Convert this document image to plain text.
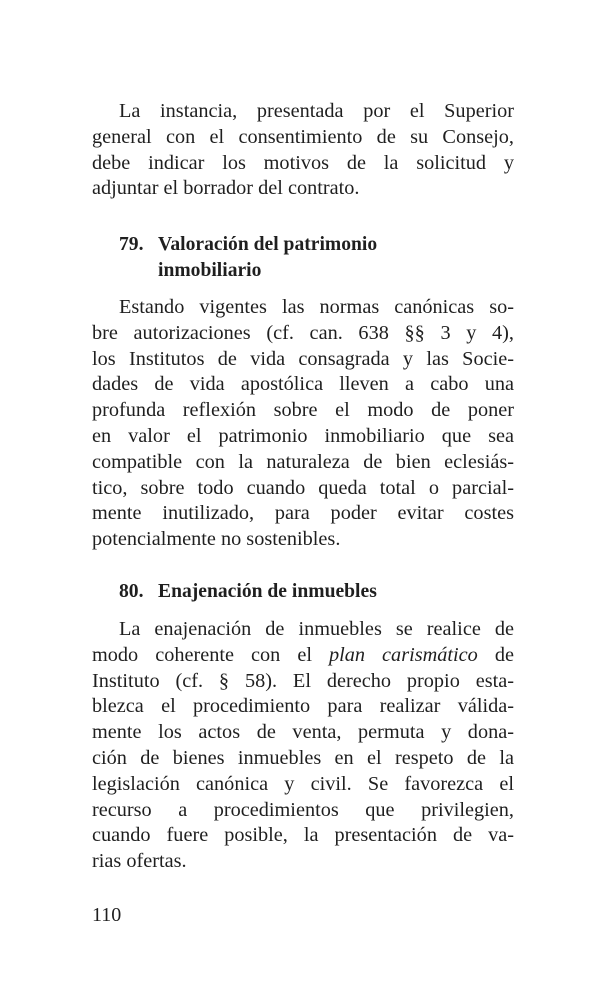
La instancia, presentada por el Superior
general con el consentimiento de su Consejo,
debe indicar los motivos de la solicitud y
adjuntar el borrador del contrato.
79. Valoración del patrimonio
inmobiliario
Estando vigentes las normas canónicas so-
bre autorizaciones (cf. can. 638 §§ 3 y 4),
los Institutos de vida consagrada y las Socie-
dades de vida apostólica lleven a cabo una
profunda reflexión sobre el modo de poner
en valor el patrimonio inmobiliario que sea
compatible con la naturaleza de bien eclesiás-
tico, sobre todo cuando queda total o parcial-
mente inutilizado, para poder evitar costes
potencialmente no sostenibles.
80. Enajenación de inmuebles
La enajenación de inmuebles se realice de
modo coherente con el plan carismático de
Instituto (cf. § 58). El derecho propio esta-
blezca el procedimiento para realizar válida-
mente los actos de venta, permuta y dona-
ción de bienes inmuebles en el respeto de la
legislación canónica y civil. Se favorezca el
recurso a procedimientos que privilegien,
cuando fuere posible, la presentación de va-
rias ofertas.
110
